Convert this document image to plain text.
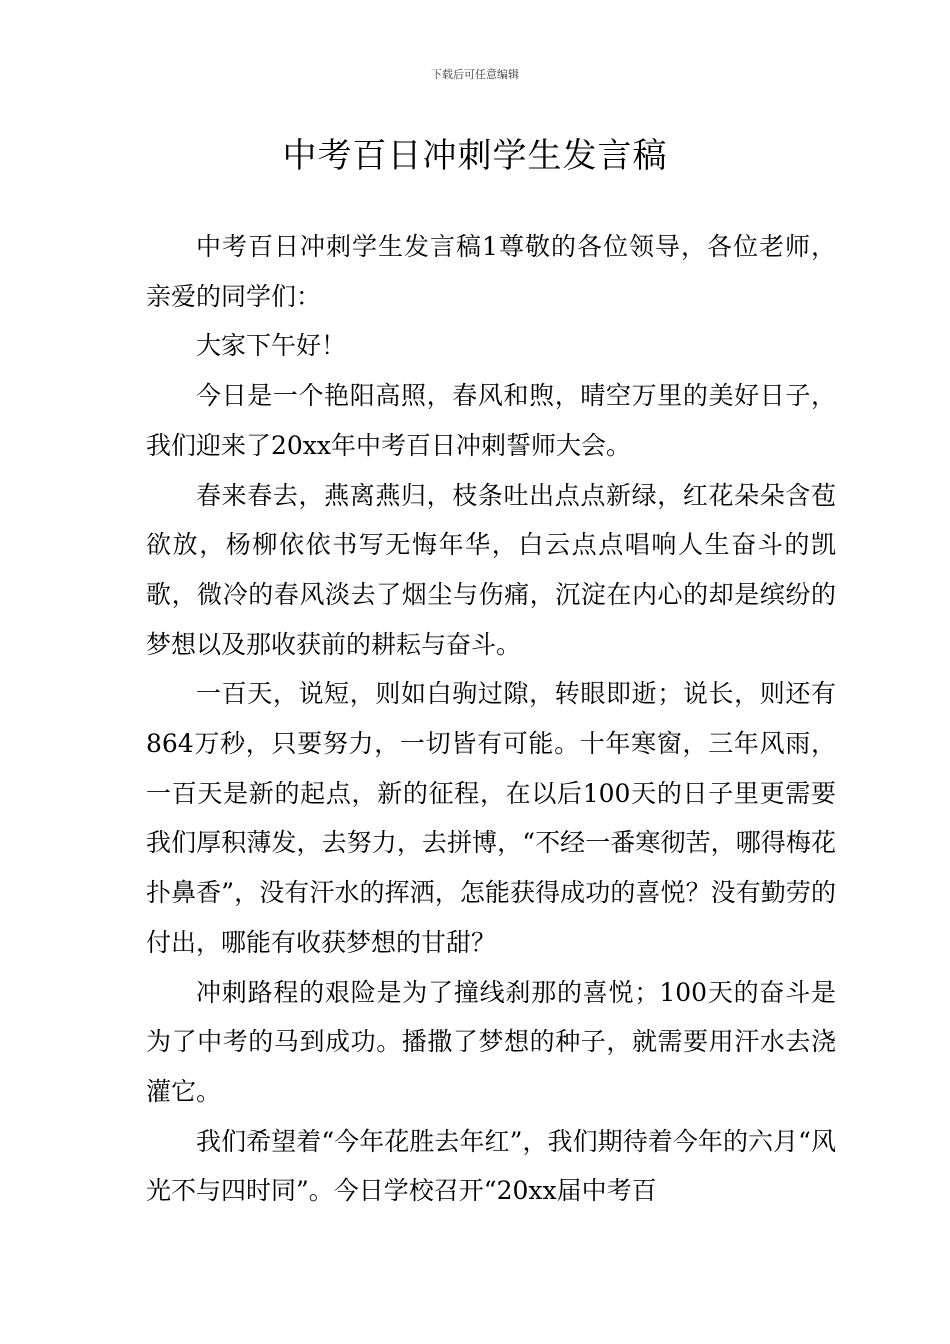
下载后可任意编辑
中考百日冲刺学生发言稿

中考百日冲刺学生发言稿1尊敬的各位领导，各位老师，亲爱的同学们：

大家下午好！

今日是一个艳阳高照，春风和煦，晴空万里的美好日子，我们迎来了20xx年中考百日冲刺誓师大会。

春来春去，燕离燕归，枝条吐出点点新绿，红花朵朵含苞欲放，杨柳依依书写无悔年华，白云点点唱响人生奋斗的凯歌，微冷的春风淡去了烟尘与伤痛，沉淀在内心的却是缤纷的梦想以及那收获前的耕耘与奋斗。

一百天，说短，则如白驹过隙，转眼即逝；说长，则还有864万秒，只要努力，一切皆有可能。十年寒窗，三年风雨，一百天是新的起点，新的征程，在以后100天的日子里更需要我们厚积薄发，去努力，去拼博，“不经一番寒彻苦，哪得梅花扑鼻香”，没有汗水的挥洒，怎能获得成功的喜悦？没有勤劳的付出，哪能有收获梦想的甘甜？

冲刺路程的艰险是为了撞线刹那的喜悦；100天的奋斗是为了中考的马到成功。播撒了梦想的种子，就需要用汗水去浇灌它。

我们希望着“今年花胜去年红”，我们期待着今年的六月“风光不与四时同”。今日学校召开“20xx届中考百
